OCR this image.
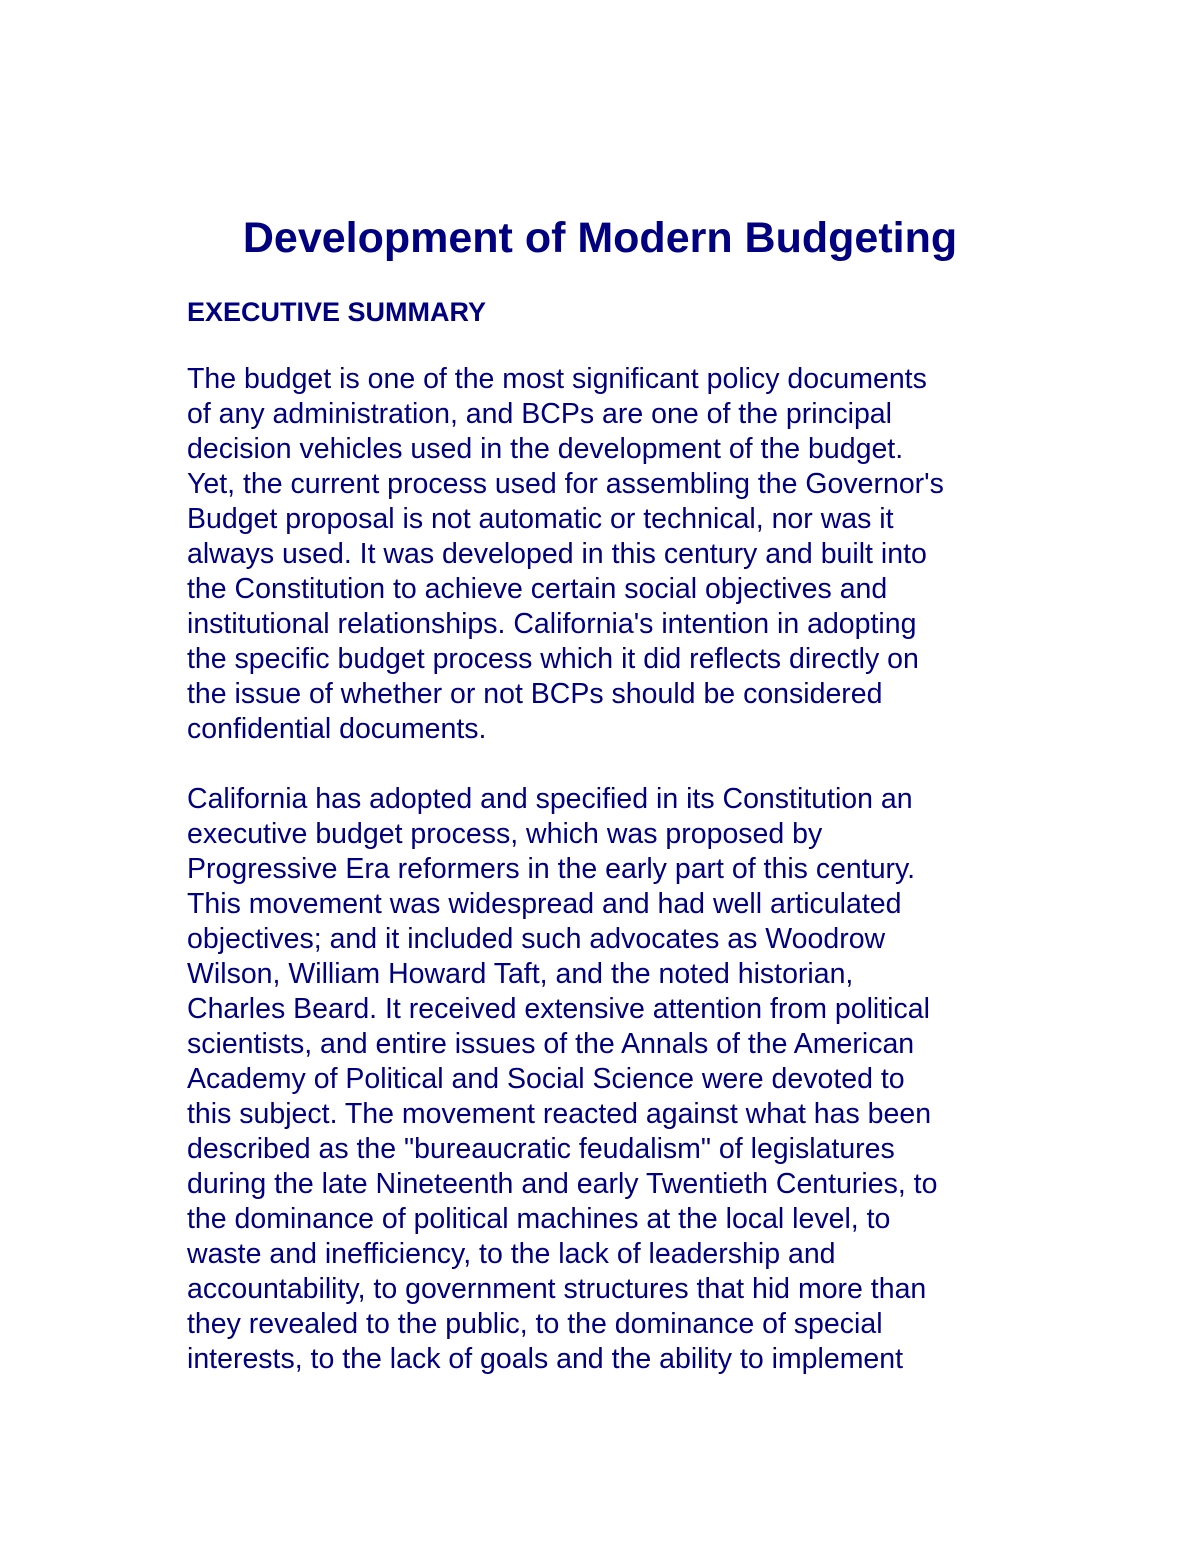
Development of Modern Budgeting
EXECUTIVE SUMMARY

The budget is one of the most significant policy documents
of any administration, and BCPs are one of the principal
decision vehicles used in the development of the budget.
Yet, the current process used for assembling the Governor's
Budget proposal is not automatic or technical, nor was it
always used. It was developed in this century and built into
the Constitution to achieve certain social objectives and
institutional relationships. California's intention in adopting
the specific budget process which it did reflects directly on
the issue of whether or not BCPs should be considered
confidential documents.

California has adopted and specified in its Constitution an
executive budget process, which was proposed by
Progressive Era reformers in the early part of this century.
This movement was widespread and had well articulated
objectives; and it included such advocates as Woodrow
Wilson, William Howard Taft, and the noted historian,
Charles Beard. It received extensive attention from political
scientists, and entire issues of the Annals of the American
Academy of Political and Social Science were devoted to
this subject. The movement reacted against what has been
described as the "bureaucratic feudalism" of legislatures
during the late Nineteenth and early Twentieth Centuries, to
the dominance of political machines at the local level, to
waste and inefficiency, to the lack of leadership and
accountability, to government structures that hid more than
they revealed to the public, to the dominance of special
interests, to the lack of goals and the ability to implement
